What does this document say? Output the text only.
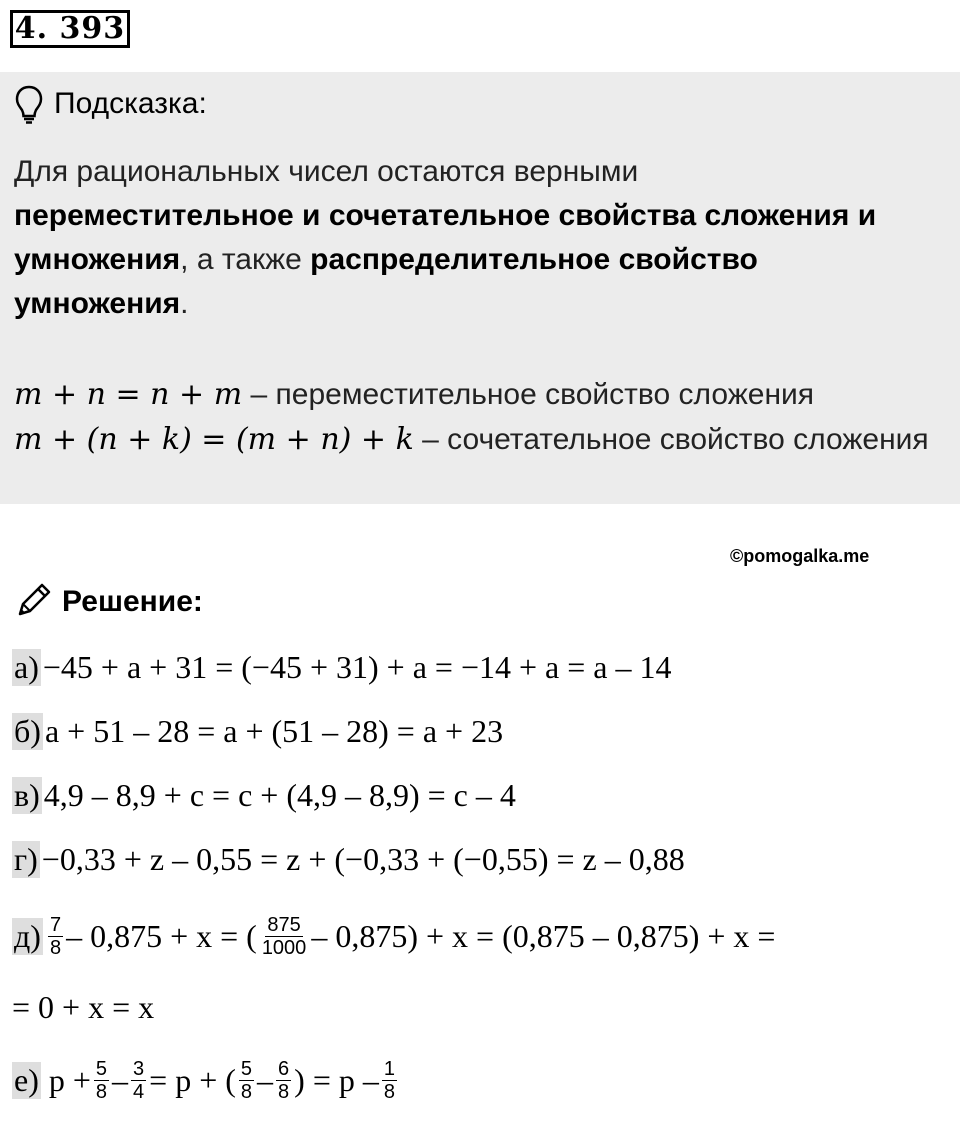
4. 393
Подсказка:
Для рациональных чисел остаются верными
переместительное и сочетательное свойства сложения и умножения, а также распределительное свойство умножения.
m + n = n + m – переместительное свойство сложения
m + (n + k) = (m + n) + k – сочетательное свойство сложения
©pomogalka.me
Решение:
а) −45 + a + 31 = (−45 + 31) + a = −14 + a = a – 14
б) a + 51 – 28 = a + (51 – 28) = a + 23
в) 4,9 – 8,9 + c = c + (4,9 – 8,9) = c – 4
г) −0,33 + z – 0,55 = z + (−0,33 + (−0,55) = z – 0,88
$д) \frac{7}{8} - 0,875 + x$ = ( $\frac{875}{1000} - 0,875) + x = (0,875 - 0,875) + x$ =
= 0 + x = x
е) $p + \frac{5}{8} - \frac{3}{4} = p$ + ( $\frac{5}{8} - \frac{6}{8}$ ) = p – $\frac{1}{8}$
